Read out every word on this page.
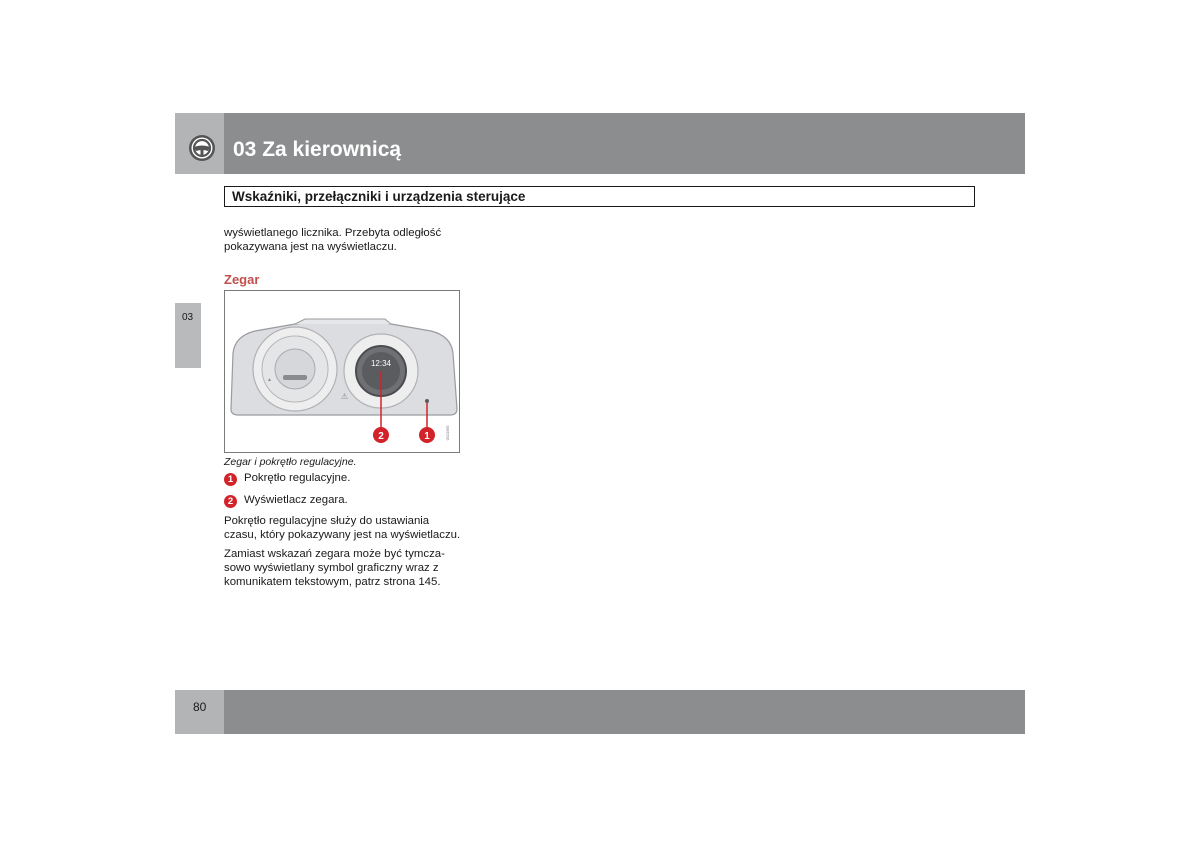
03 Za kierownicą
Wskaźniki, przełączniki i urządzenia sterujące
03
wyświetlanego licznika. Przebyta odległość
pokazywana jest na wyświetlaczu.
Zegar
12:34
▲
⚠
2	1	G021955
Zegar i pokrętło regulacyjne.
1 Pokrętło regulacyjne.
2 Wyświetlacz zegara.
Pokrętło regulacyjne służy do ustawiania
czasu, który pokazywany jest na wyświetlaczu.
Zamiast wskazań zegara może być tymcza-
sowo wyświetlany symbol graficzny wraz z
komunikatem tekstowym, patrz strona 145.
80
